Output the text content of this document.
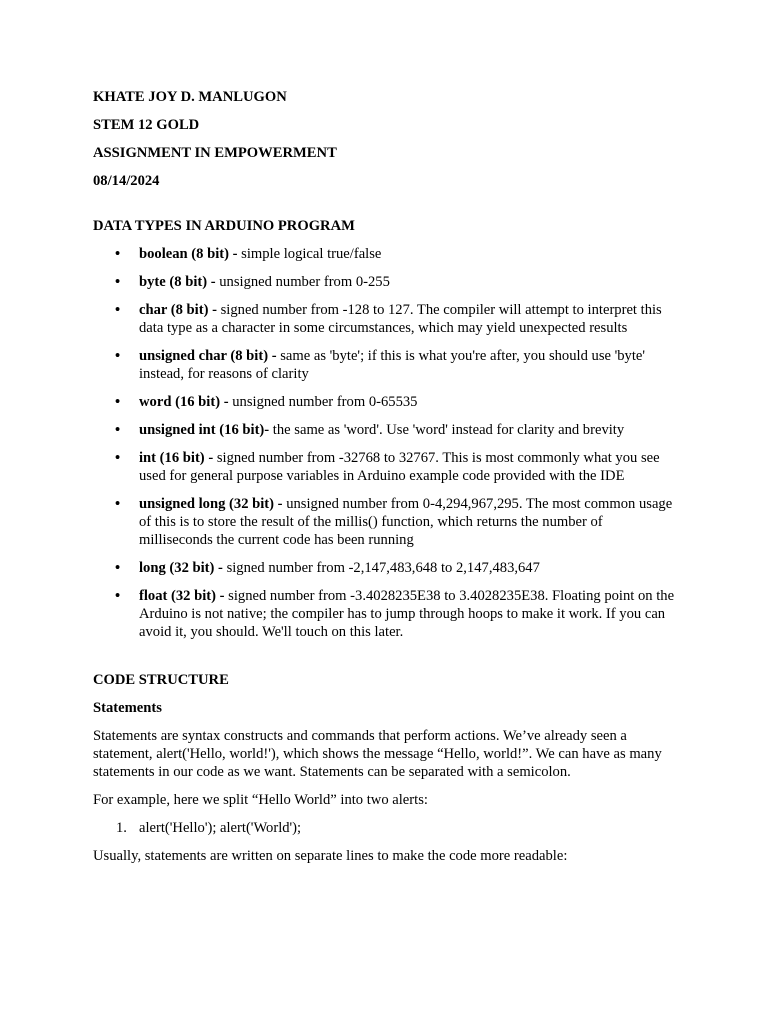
KHATE JOY D. MANLUGON
STEM 12 GOLD
ASSIGNMENT IN EMPOWERMENT
08/14/2024
DATA TYPES IN ARDUINO PROGRAM
• boolean (8 bit) - simple logical true/false
• byte (8 bit) - unsigned number from 0-255
• char (8 bit) - signed number from -128 to 127. The compiler will attempt to interpret this data type as a character in some circumstances, which may yield unexpected results
• unsigned char (8 bit) - same as 'byte'; if this is what you're after, you should use 'byte' instead, for reasons of clarity
• word (16 bit) - unsigned number from 0-65535
• unsigned int (16 bit)- the same as 'word'. Use 'word' instead for clarity and brevity
• int (16 bit) - signed number from -32768 to 32767. This is most commonly what you see used for general purpose variables in Arduino example code provided with the IDE
• unsigned long (32 bit) - unsigned number from 0-4,294,967,295. The most common usage of this is to store the result of the millis() function, which returns the number of milliseconds the current code has been running
• long (32 bit) - signed number from -2,147,483,648 to 2,147,483,647
• float (32 bit) - signed number from -3.4028235E38 to 3.4028235E38. Floating point on the Arduino is not native; the compiler has to jump through hoops to make it work. If you can avoid it, you should. We'll touch on this later.
CODE STRUCTURE
Statements

Statements are syntax constructs and commands that perform actions. We’ve already seen a statement, alert('Hello, world!'), which shows the message “Hello, world!”. We can have as many statements in our code as we want. Statements can be separated with a semicolon.

For example, here we split “Hello World” into two alerts:

1. alert('Hello'); alert('World');

Usually, statements are written on separate lines to make the code more readable:
